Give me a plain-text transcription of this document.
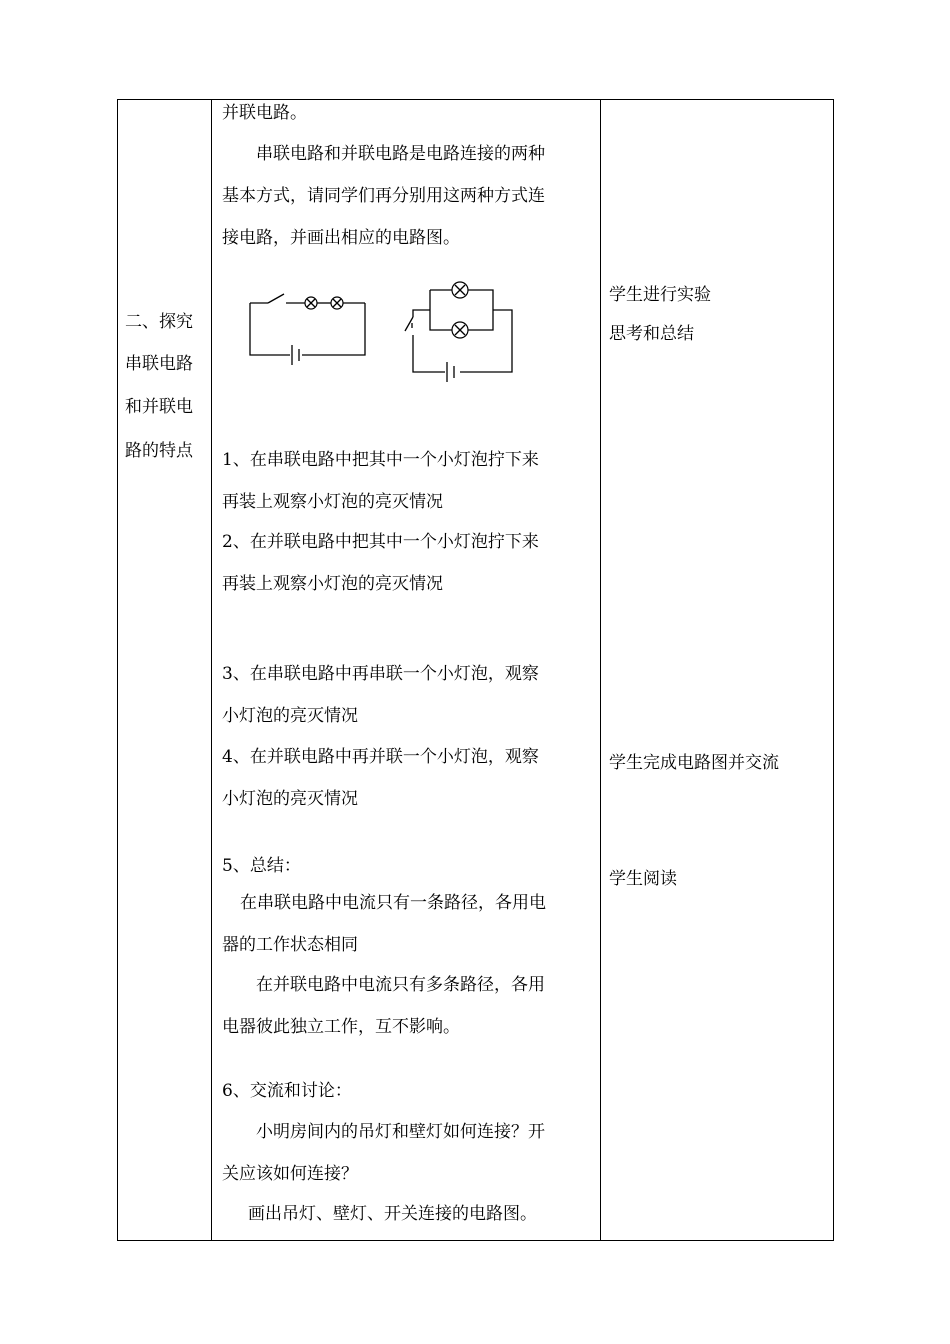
二、探究
串联电路
和并联电
路的特点
并联电路。
串联电路和并联电路是电路连接的两种
基本方式，请同学们再分别用这两种方式连
接电路，并画出相应的电路图。
1、在串联电路中把其中一个小灯泡拧下来
再装上观察小灯泡的亮灭情况
2、在并联电路中把其中一个小灯泡拧下来
再装上观察小灯泡的亮灭情况
3、在串联电路中再串联一个小灯泡，观察
小灯泡的亮灭情况
4、在并联电路中再并联一个小灯泡，观察
小灯泡的亮灭情况
5、总结：
在串联电路中电流只有一条路径，各用电
器的工作状态相同
在并联电路中电流只有多条路径，各用
电器彼此独立工作，互不影响。
6、交流和讨论：
小明房间内的吊灯和壁灯如何连接？开
关应该如何连接？
画出吊灯、壁灯、开关连接的电路图。
学生进行实验
思考和总结
学生完成电路图并交流
学生阅读
